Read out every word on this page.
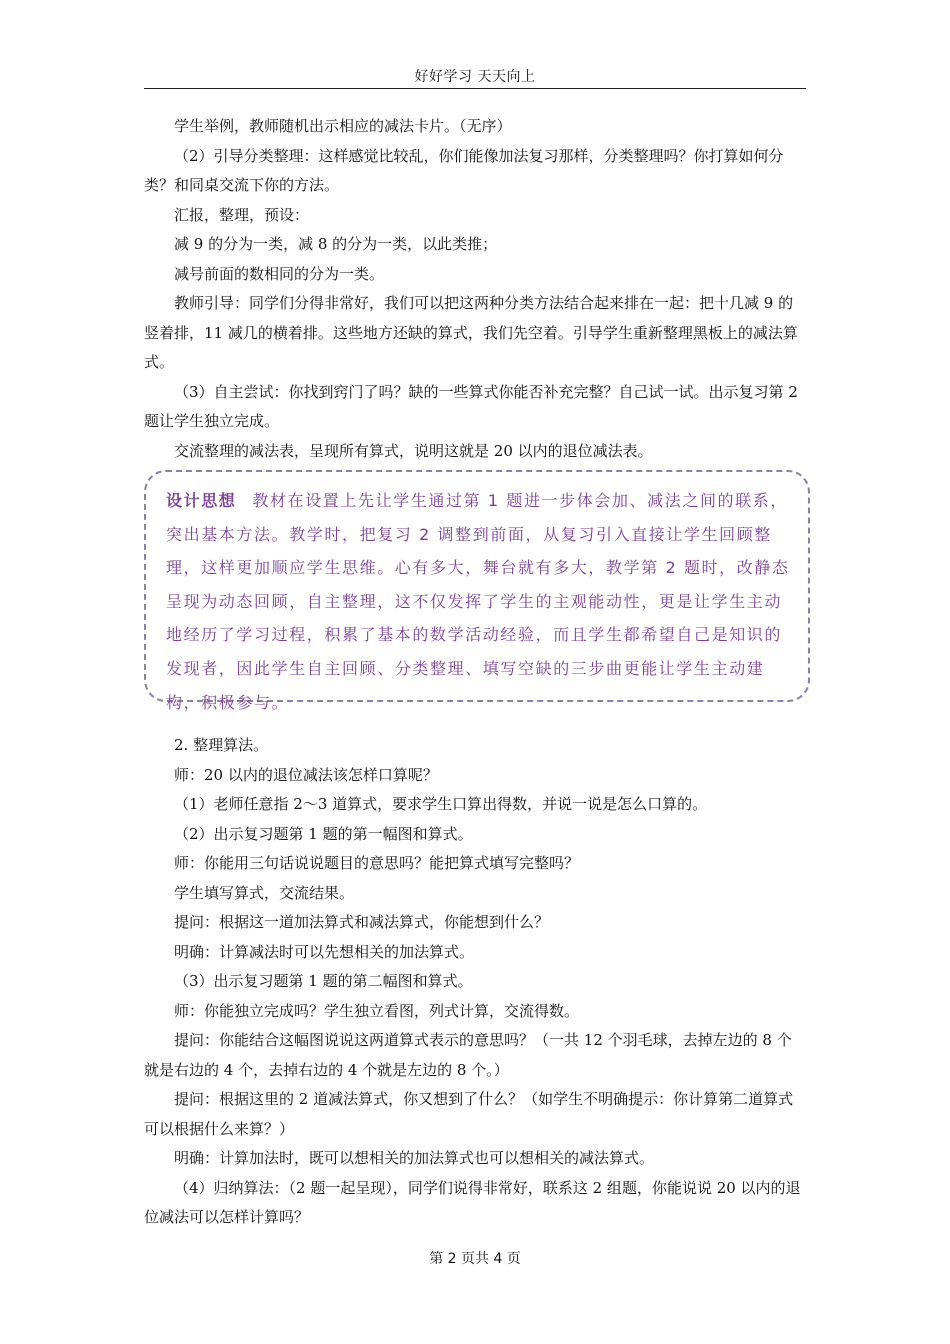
好好学习 天天向上

学生举例，教师随机出示相应的减法卡片。（无序）

（2）引导分类整理：这样感觉比较乱，你们能像加法复习那样，分类整理吗？你打算如何分类？和同桌交流下你的方法。

汇报，整理，预设：

减 9 的分为一类，减 8 的分为一类，以此类推；

减号前面的数相同的分为一类。

教师引导：同学们分得非常好，我们可以把这两种分类方法结合起来排在一起：把十几减 9 的竖着排，11 减几的横着排。这些地方还缺的算式，我们先空着。引导学生重新整理黑板上的减法算式。

（3）自主尝试：你找到窍门了吗？缺的一些算式你能否补充完整？自己试一试。出示复习第 2 题让学生独立完成。

交流整理的减法表，呈现所有算式，说明这就是 20 以内的退位减法表。

设计思想 教材在设置上先让学生通过第 1 题进一步体会加、减法之间的联系，突出基本方法。教学时，把复习 2 调整到前面，从复习引入直接让学生回顾整理，这样更加顺应学生思维。心有多大，舞台就有多大，教学第 2 题时，改静态呈现为动态回顾，自主整理，这不仅发挥了学生的主观能动性，更是让学生主动地经历了学习过程，积累了基本的数学活动经验，而且学生都希望自己是知识的发现者，因此学生自主回顾、分类整理、填写空缺的三步曲更能让学生主动建构，积极参与。

2. 整理算法。

师：20 以内的退位减法该怎样口算呢？

（1）老师任意指 2～3 道算式，要求学生口算出得数，并说一说是怎么口算的。

（2）出示复习题第 1 题的第一幅图和算式。

师：你能用三句话说说题目的意思吗？能把算式填写完整吗？

学生填写算式，交流结果。

提问：根据这一道加法算式和减法算式，你能想到什么？

明确：计算减法时可以先想相关的加法算式。

（3）出示复习题第 1 题的第二幅图和算式。

师：你能独立完成吗？学生独立看图，列式计算，交流得数。

提问：你能结合这幅图说说这两道算式表示的意思吗？（一共 12 个羽毛球，去掉左边的 8 个就是右边的 4 个，去掉右边的 4 个就是左边的 8 个。）

提问：根据这里的 2 道减法算式，你又想到了什么？（如学生不明确提示：你计算第二道算式可以根据什么来算？）

明确：计算加法时，既可以想相关的加法算式也可以想相关的减法算式。

（4）归纳算法：（2 题一起呈现），同学们说得非常好，联系这 2 组题，你能说说 20 以内的退位减法可以怎样计算吗？

第 2 页共 4 页
